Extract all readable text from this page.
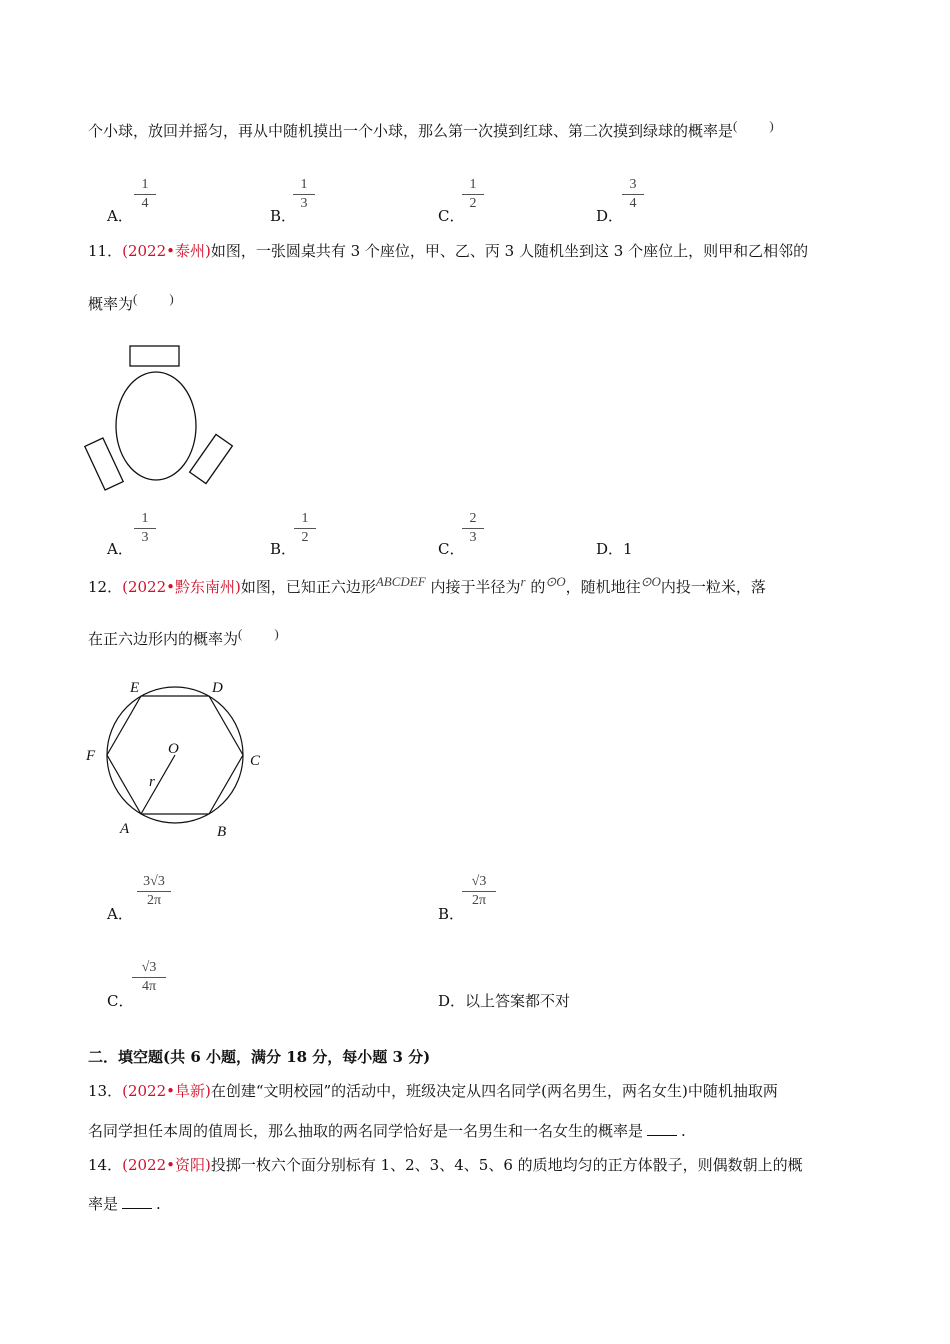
个小球，放回并摇匀，再从中随机摸出一个小球，那么第一次摸到红球、第二次摸到绿球的概率是( )
A．
$\frac{1}{4}$
B．
$\frac{1}{3}$
C．
$\frac{1}{2}$
D．
$\frac{3}{4}$
11．(2022•泰州)如图，一张圆桌共有 3 个座位，甲、乙、丙 3 人随机坐到这 3 个座位上，则甲和乙相邻的
概率为( )
A．
$\frac{1}{3}$
B．
$\frac{1}{2}$
C．
$\frac{2}{3}$
D．1
12．(2022•黔东南州)如图，已知正六边形ABCDEF 内接于半径为r 的⊙O，随机地往⊙O内投一粒米，落
在正六边形内的概率为( )
E	D
F	C
O
r
A	B
A．
$\frac{3√3}{2\pi}$
B．
$\frac{√3}{2\pi}$
C．
$\frac{√3}{4\pi}$
D．以上答案都不对
二．填空题(共 6 小题，满分 18 分，每小题 3 分)
13．(2022•阜新)在创建“文明校园”的活动中，班级决定从四名同学(两名男生，两名女生)中随机抽取两
名同学担任本周的值周长，那么抽取的两名同学恰好是一名男生和一名女生的概率是	.
14．(2022•资阳)投掷一枚六个面分别标有 1、2、3、4、5、6 的质地均匀的正方体骰子，则偶数朝上的概
率是	.
